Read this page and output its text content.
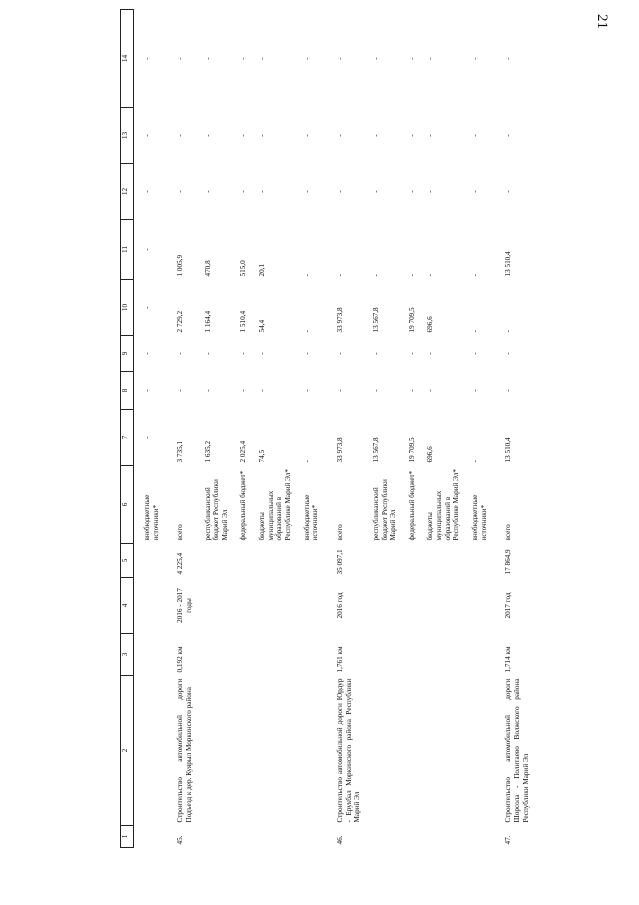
21
1	2	3	4	5	6	7	8	9	10	11	12	13	14

					внебюджетные источники*	-	-	-	-	-	-	-	-

45.	Строительство автомобильной дороги Подъезд к дер. Куярыл Моркинского района	0,192 км	2016 - 2017 годы	4 225,4	всего	3 735,1	-	-	2 729,2	1 005,9	-	-	-

					республиканский бюджет Республики Марий Эл	1 635,2	-	-	1 164,4	470,8	-	-	-

					федеральный бюджет*	2 025,4	-	-	1 510,4	515,0	-	-	-

					бюджеты муниципальных образований в Республике Марий Эл*	74,5	-	-	54,4	20,1	-	-	-

					внебюджетные источники*	-	-	-	-	-	-	-	-

46.	Строительство автомобильной дороги Юрдур - Ерукбал Моркинского района Республики Марий Эл	1,761 км	2016 год	35 097,1	всего	33 973,8	-	-	33 973,8	-	-	-	-

					республиканский бюджет Республики Марий Эл	13 567,8	-	-	13 567,8	-	-	-	-

					федеральный бюджет*	19 709,5	-	-	19 709,5	-	-	-	-

					бюджеты муниципальных образований в Республике Марий Эл*	696,6	-	-	696,6	-	-	-	-

					внебюджетные источники*	-	-	-	-	-	-	-	-

47.	Строительство автомобильной дороги Шорсола - Политаево Волжского района Республики Марий Эл	1,714 км	2017 год	17 864,9	всего	13 510,4	-	-	-	13 510,4	-	-	-
